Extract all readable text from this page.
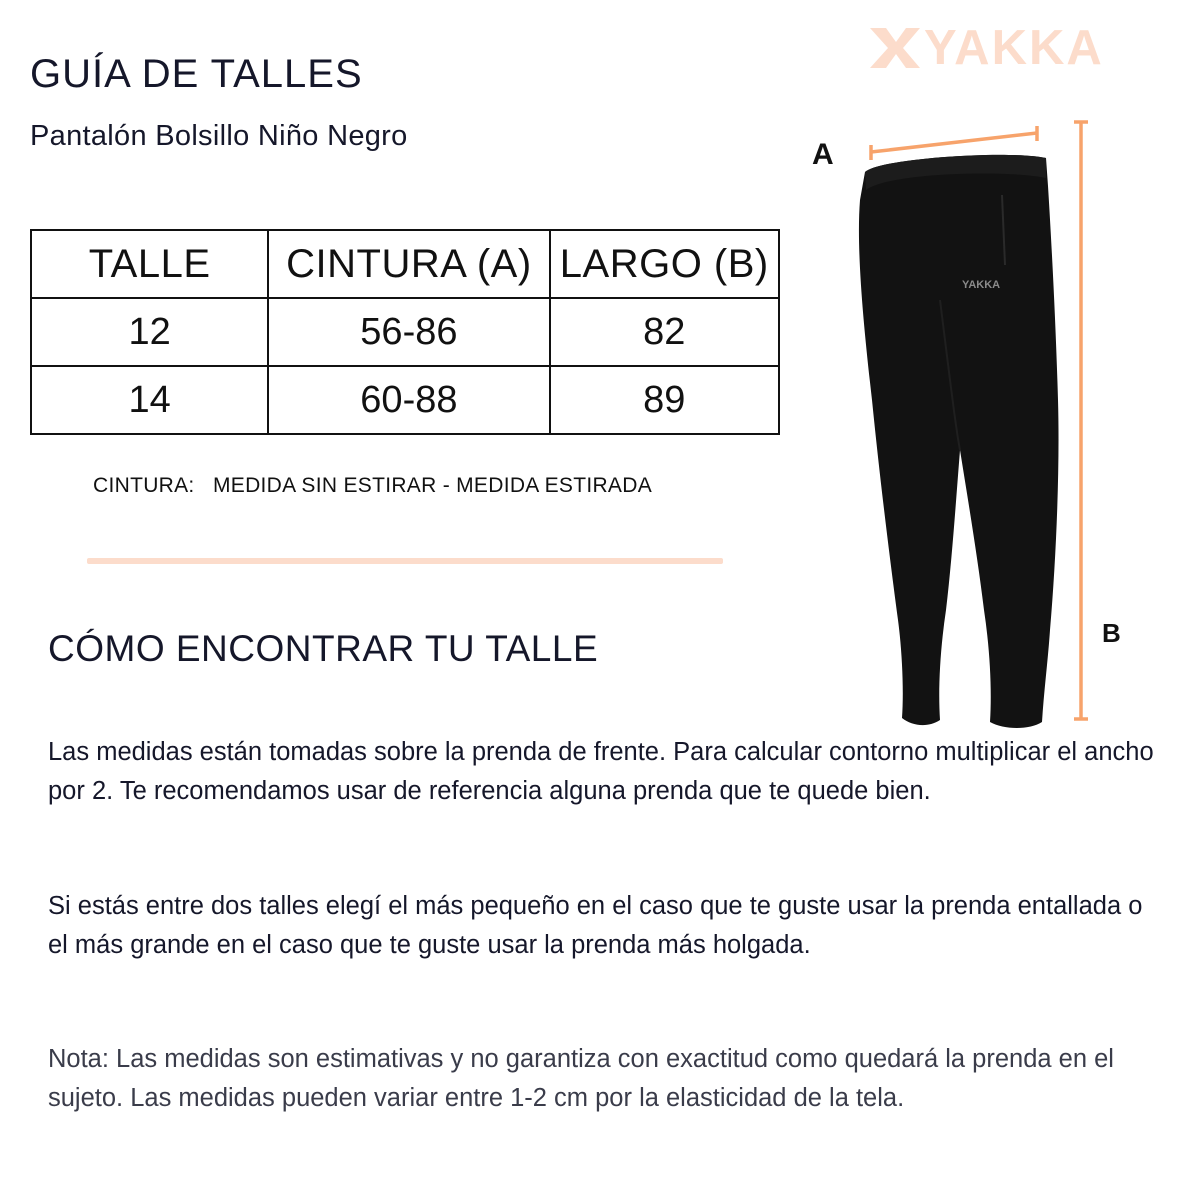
GUÍA DE TALLES

Pantalón Bolsillo Niño Negro

YAKKA
TALLE	CINTURA (A)	LARGO (B)
12	56-86	82
14	60-88	89
CINTURA:   MEDIDA SIN ESTIRAR - MEDIDA ESTIRADA
CÓMO ENCONTRAR TU TALLE

Las medidas están tomadas sobre la prenda de frente. Para calcular contorno multiplicar el ancho por 2. Te recomendamos usar de referencia alguna prenda que te quede bien.

Si estás entre dos talles elegí el más pequeño en el caso que te guste usar la prenda entallada o el más grande en el caso que te guste usar la prenda más holgada.

Nota: Las medidas son estimativas y no garantiza con exactitud como quedará la prenda en el sujeto. Las medidas pueden variar entre 1-2 cm por la elasticidad de la tela.

A
B
YAKKA
